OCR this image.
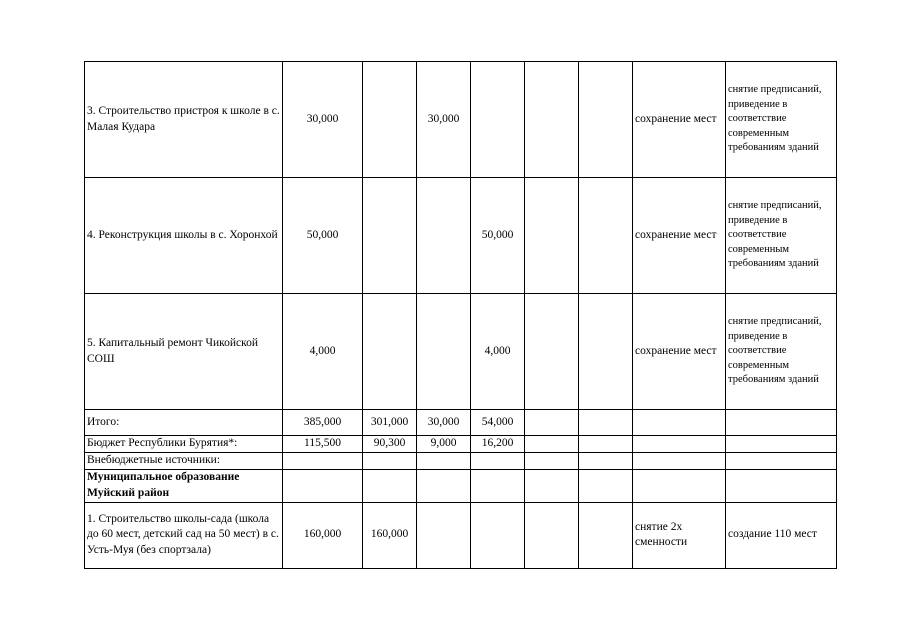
3. Строительство пристроя к школе в с. Малая Кудара	30,000		30,000				сохранение мест	снятие предписаний, приведение в соответствие современным требованиям зданий
4. Реконструкция школы в с. Хоронхой	50,000			50,000			сохранение мест	снятие предписаний, приведение в соответствие современным требованиям зданий
5. Капитальный ремонт Чикойской СОШ	4,000			4,000			сохранение мест	снятие предписаний, приведение в соответствие современным требованиям зданий
Итого:	385,000	301,000	30,000	54,000				
Бюджет Республики Бурятия*:	115,500	90,300	9,000	16,200				
Внебюджетные источники:								
Муниципальное образование Муйский район								
1. Строительство школы-сада (школа до 60 мест, детский сад на 50 мест) в с. Усть-Муя (без спортзала)	160,000	160,000					снятие 2х сменности	создание 110 мест
